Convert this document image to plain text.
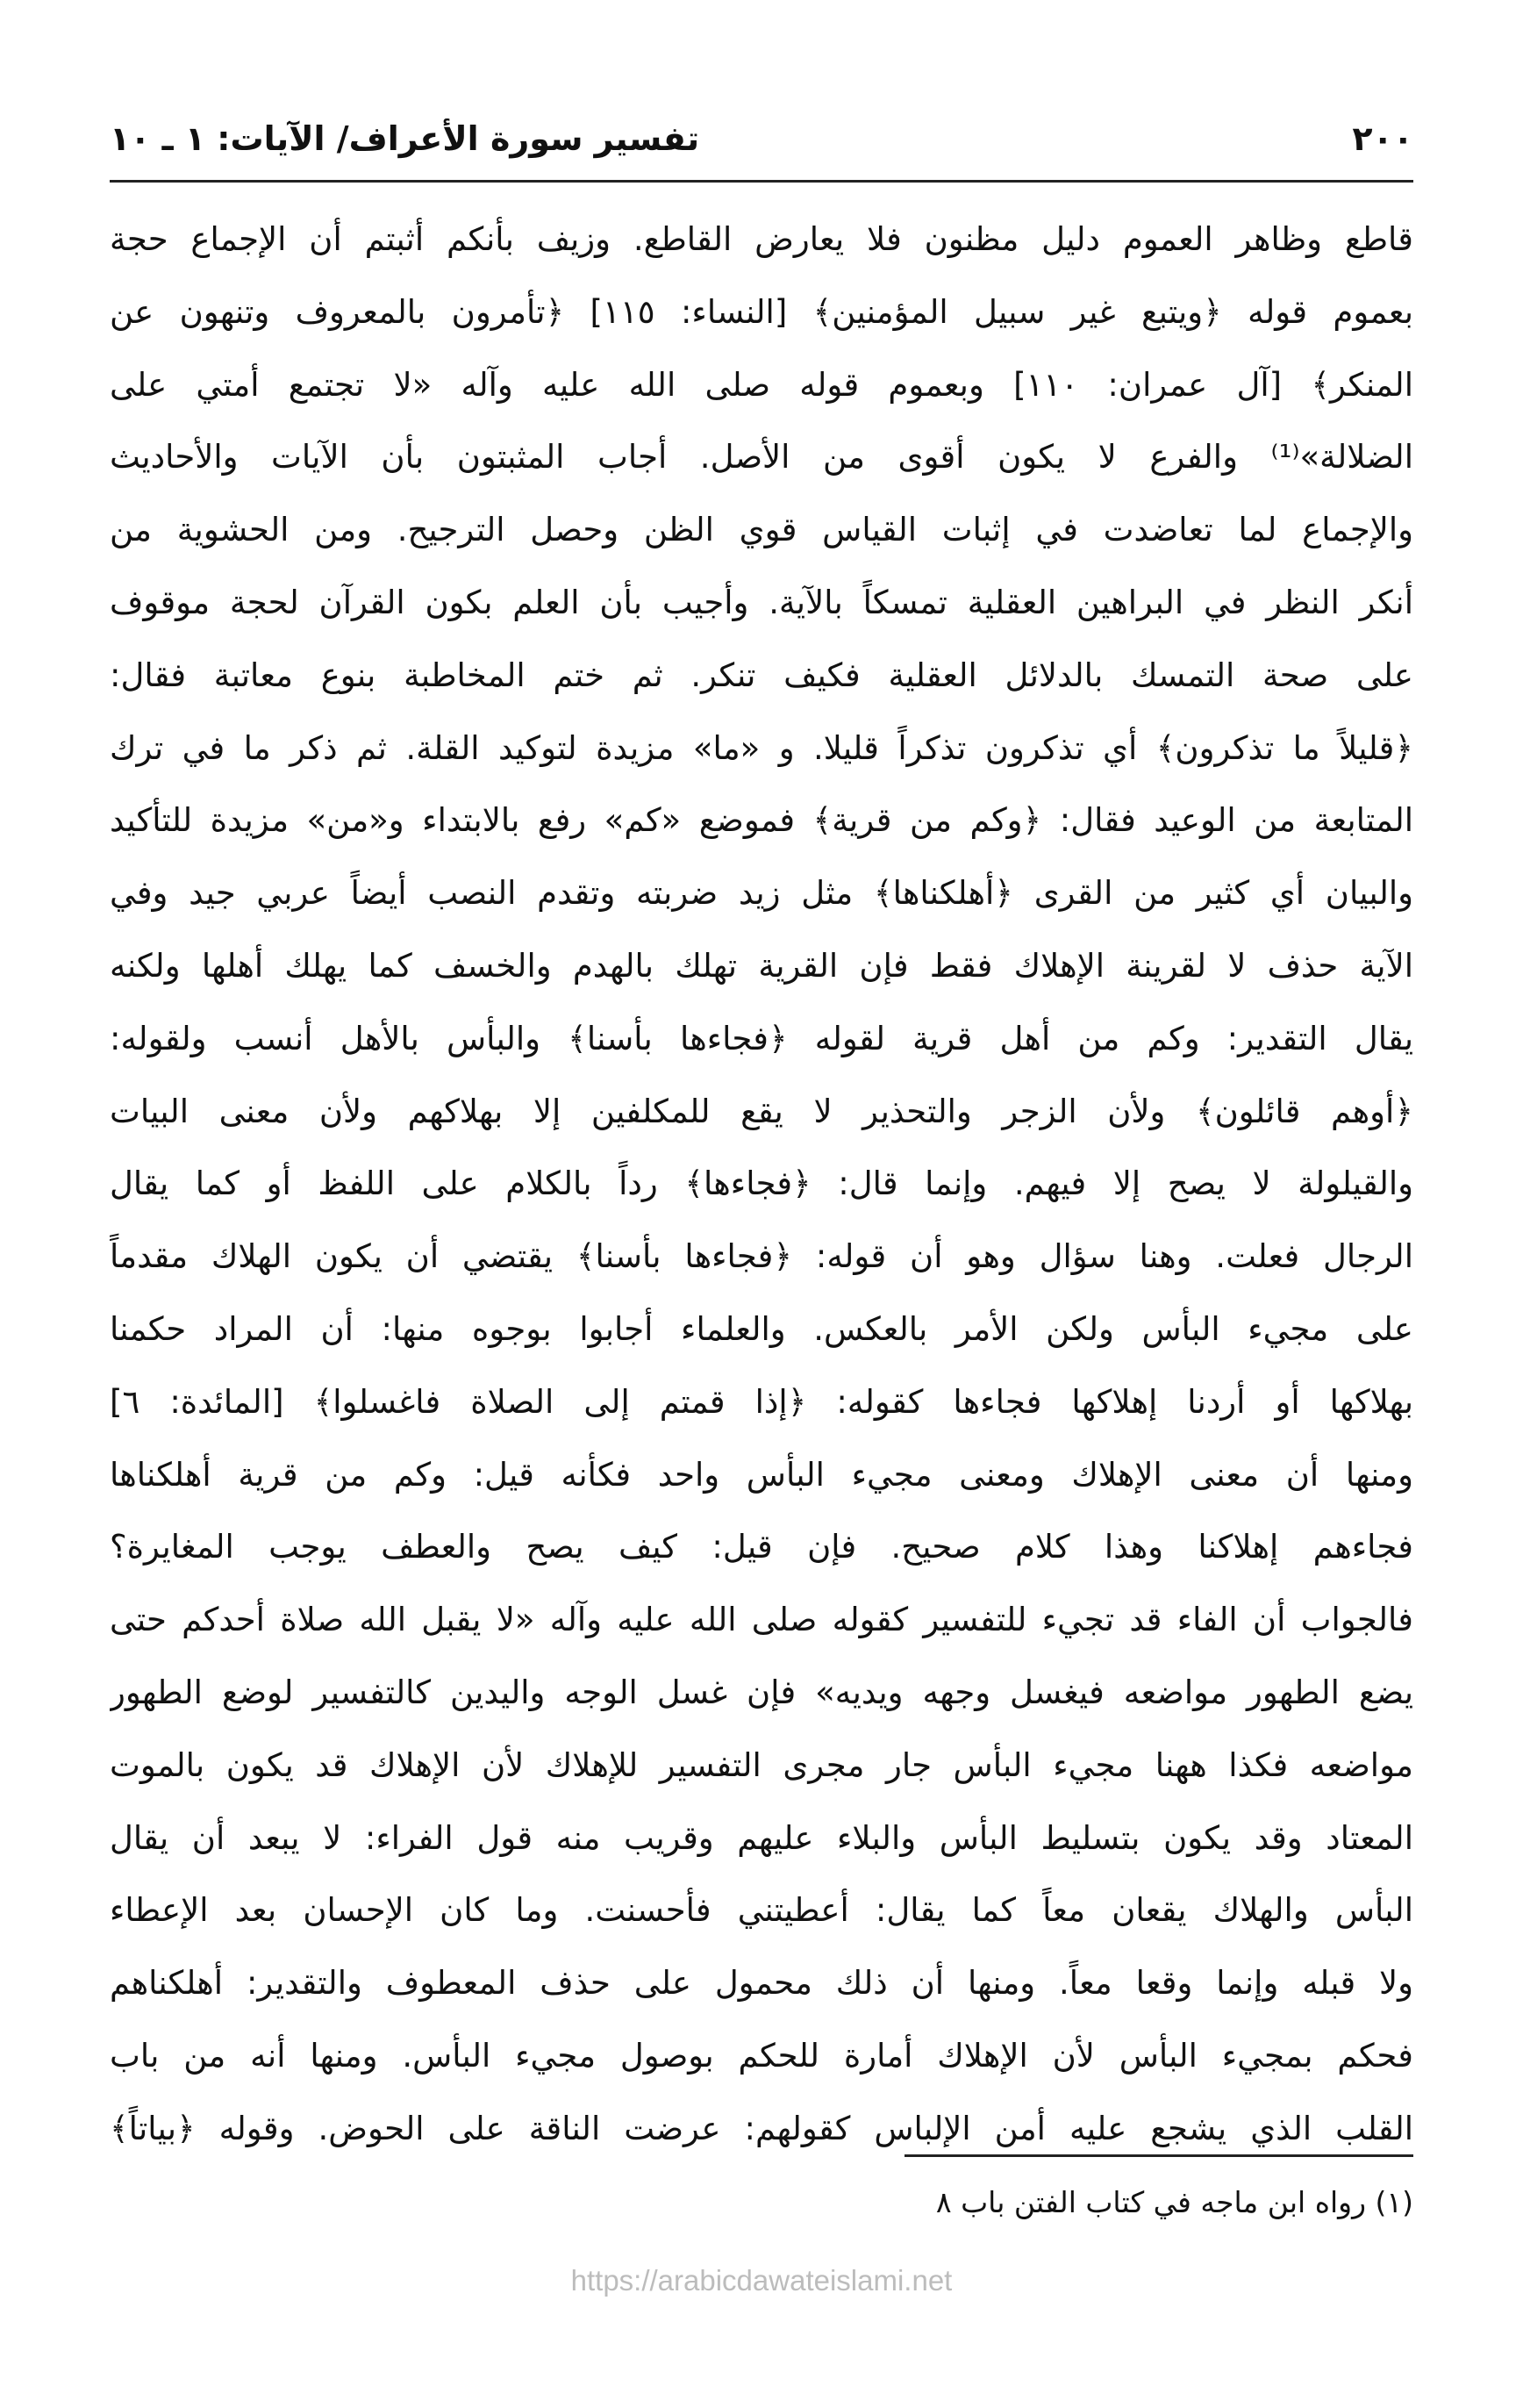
٢٠٠
تفسير سورة الأعراف/ الآيات: ١ ـ ١٠
قاطع وظاهر العموم دليل مظنون فلا يعارض القاطع. وزيف بأنكم أثبتم أن الإجماع حجة
بعموم قوله ﴿ويتبع غير سبيل المؤمنين﴾ [النساء: ١١٥] ﴿تأمرون بالمعروف وتنهون عن
المنكر﴾ [آل عمران: ١١٠] وبعموم قوله صلى الله عليه وآله «لا تجتمع أمتي على
الضلالة»⁽¹⁾ والفرع لا يكون أقوى من الأصل. أجاب المثبتون بأن الآيات والأحاديث
والإجماع لما تعاضدت في إثبات القياس قوي الظن وحصل الترجيح. ومن الحشوية من
أنكر النظر في البراهين العقلية تمسكاً بالآية. وأجيب بأن العلم بكون القرآن لحجة موقوف
على صحة التمسك بالدلائل العقلية فكيف تنكر. ثم ختم المخاطبة بنوع معاتبة فقال:
﴿قليلاً ما تذكرون﴾ أي تذكرون تذكراً قليلا. و «ما» مزيدة لتوكيد القلة. ثم ذكر ما في ترك
المتابعة من الوعيد فقال: ﴿وكم من قرية﴾ فموضع «كم» رفع بالابتداء و«من» مزيدة للتأكيد
والبيان أي كثير من القرى ﴿أهلكناها﴾ مثل زيد ضربته وتقدم النصب أيضاً عربي جيد وفي
الآية حذف لا لقرينة الإهلاك فقط فإن القرية تهلك بالهدم والخسف كما يهلك أهلها ولكنه
يقال التقدير: وكم من أهل قرية لقوله ﴿فجاءها بأسنا﴾ والبأس بالأهل أنسب ولقوله:
﴿أوهم قائلون﴾ ولأن الزجر والتحذير لا يقع للمكلفين إلا بهلاكهم ولأن معنى البيات
والقيلولة لا يصح إلا فيهم. وإنما قال: ﴿فجاءها﴾ رداً بالكلام على اللفظ أو كما يقال
الرجال فعلت. وهنا سؤال وهو أن قوله: ﴿فجاءها بأسنا﴾ يقتضي أن يكون الهلاك مقدماً
على مجيء البأس ولكن الأمر بالعكس. والعلماء أجابوا بوجوه منها: أن المراد حكمنا
بهلاكها أو أردنا إهلاكها فجاءها كقوله: ﴿إذا قمتم إلى الصلاة فاغسلوا﴾ [المائدة: ٦]
ومنها أن معنى الإهلاك ومعنى مجيء البأس واحد فكأنه قيل: وكم من قرية أهلكناها
فجاءهم إهلاكنا وهذا كلام صحيح. فإن قيل: كيف يصح والعطف يوجب المغايرة؟
فالجواب أن الفاء قد تجيء للتفسير كقوله صلى الله عليه وآله «لا يقبل الله صلاة أحدكم حتى
يضع الطهور مواضعه فيغسل وجهه ويديه» فإن غسل الوجه واليدين كالتفسير لوضع الطهور
مواضعه فكذا ههنا مجيء البأس جار مجرى التفسير للإهلاك لأن الإهلاك قد يكون بالموت
المعتاد وقد يكون بتسليط البأس والبلاء عليهم وقريب منه قول الفراء: لا يبعد أن يقال
البأس والهلاك يقعان معاً كما يقال: أعطيتني فأحسنت. وما كان الإحسان بعد الإعطاء
ولا قبله وإنما وقعا معاً. ومنها أن ذلك محمول على حذف المعطوف والتقدير: أهلكناهم
فحكم بمجيء البأس لأن الإهلاك أمارة للحكم بوصول مجيء البأس. ومنها أنه من باب
القلب الذي يشجع عليه أمن الإلباس كقولهم: عرضت الناقة على الحوض. وقوله ﴿بياتاً﴾
(١) رواه ابن ماجه في كتاب الفتن باب ٨
https://arabicdawateislami.net
